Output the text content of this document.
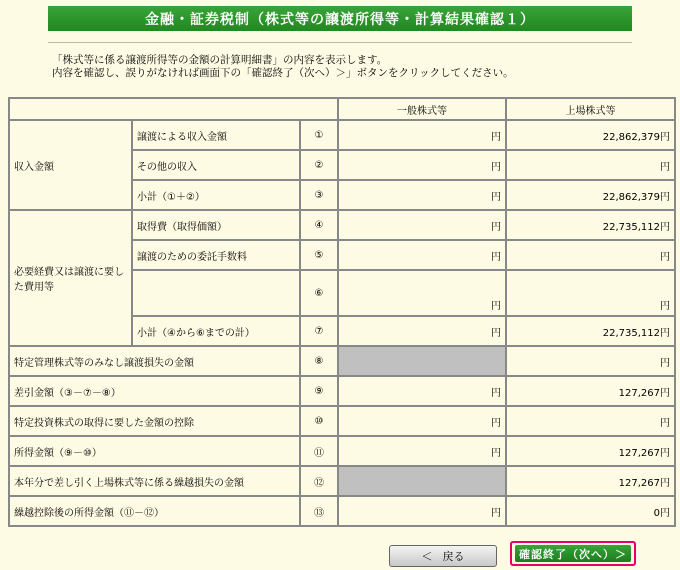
金融・証券税制（株式等の譲渡所得等・計算結果確認１）
「株式等に係る譲渡所得等の金額の計算明細書」の内容を表示します。
内容を確認し、誤りがなければ画面下の「確認終了（次へ）＞」ボタンをクリックしてください。
			一般株式等	上場株式等
収入金額	譲渡による収入金額	①	円	22,862,379円
	その他の収入	②	円	円
	小計（①＋②）	③	円	22,862,379円
必要経費又は譲渡に要した費用等	取得費（取得価額）	④	円	22,735,112円
	譲渡のための委託手数料	⑤	円	円
		⑥	円	円
	小計（④から⑥までの計）	⑦	円	22,735,112円
特定管理株式等のみなし譲渡損失の金額		⑧		円
差引金額（③－⑦－⑧）		⑨	円	127,267円
特定投資株式の取得に要した金額の控除		⑩	円	円
所得金額（⑨－⑩）		⑪	円	127,267円
本年分で差し引く上場株式等に係る繰越損失の金額		⑫		127,267円
繰越控除後の所得金額（⑪－⑫）		⑬	円	0円
＜ 戻る	確認終了（次へ）＞
